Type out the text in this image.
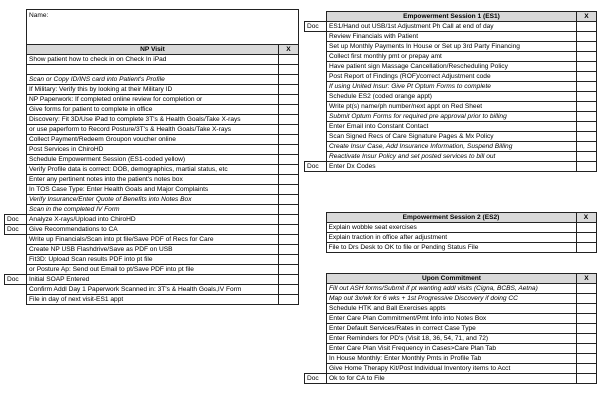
	Name:	
	NP Visit	X
	Show patient how to check in on Check In iPad	

	Scan or Copy ID/INS card into Patient's Profile	
	If Military: Verify this by looking at their Military ID	
	NP Paperwork: If completed online review for completion or	
	Give forms for patient to complete in office	
	Discovery: Fit 3D/Use iPad to complete 3T's & Health Goals/Take X-rays	
	or use paperform to Record Posture/3T's & Health Goals/Take X-rays	
	Collect Payment/Redeem Groupon voucher online	
	Post Services in ChiroHD	
	Schedule Empowerment Session (ES1-coded yellow)	
	Verify Profile data is correct: DOB, demographics, martial status, etc	
	Enter any pertinent notes into the patient's notes box	
	In TOS Case Type: Enter Health Goals and Major Complaints	
	Verify Insurance/Enter Quote of Benefits into Notes Box	
	Scan in the completed IV Form	
Doc	Analyze X-rays/Upload into ChiroHD	
Doc	Give Recommendations to CA	
	Write up Financials/Scan into pt file/Save PDF of Recs for Care	
	Create NP USB Flashdrive/Save as PDF on USB	
	Fit3D: Upload Scan results PDF into pt file	
	or Posture Ap: Send out Email to pt/Save PDF into pt file	
Doc	Initial SOAP Entered	
	Confirm Addl Day 1 Paperwork Scanned in: 3T's & Health Goals,IV Form	
	File in day of next visit-ES1 appt	
	Empowerment Session 1 (ES1)	X
Doc	ES1/Hand out USB/1st Adjustment Ph Call at end of day	
	Review Financials with Patient	
	Set up Monthly Payments In House or Set up 3rd Party Financing	
	Collect first monthly pmt or prepay amt	
	Have patient sign Massage Cancellation/Rescheduling Policy	
	Post Report of Findings (ROF)/correct Adjustment code	
	If using United Insur: Give Pt Optum Forms to complete	
	Schedule ES2 (coded orange appt)	
	Write pt(s) name/ph number/next appt on Red Sheet	
	Submit Optum Forms for required pre approval prior to billing	
	Enter Email into Constant Contact	
	Scan Signed Recs of Care Signature Pages & Mx Policy	
	Create Insur Case, Add Insurance Information, Suspend Billing	
	Reactivate Insur Policy and set posted services to bill out	
Doc	Enter Dx Codes	
	Empowerment Session 2 (ES2)	X
	Explain wobble seat exercises	
	Explain traction in office after adjustment	
	File to Drs Desk to OK to file or Pending Status File	
	Upon Commitment	X
	Fill out ASH forms/Submit if pt wanting addl visits (Cigna, BCBS, Aetna)	
	Map out 3x/wk for 6 wks + 1st Progressive Discovery if doing CC	
	Schedule HTK and Ball Exercises appts	
	Enter Care Plan Commitment/Pmt Info into Notes Box	
	Enter Default Services/Rates in correct Case Type	
	Enter Reminders for PD's (Visit 18, 36, 54, 71, and 72)	
	Enter Care Plan Visit Frequency in Cases>Care Plan Tab	
	In House Monthly: Enter Monthly Pmts in Profile Tab	
	Give Home Therapy Kit/Post Individual Inventory items to Acct	
Doc	Ok to for CA to File	
